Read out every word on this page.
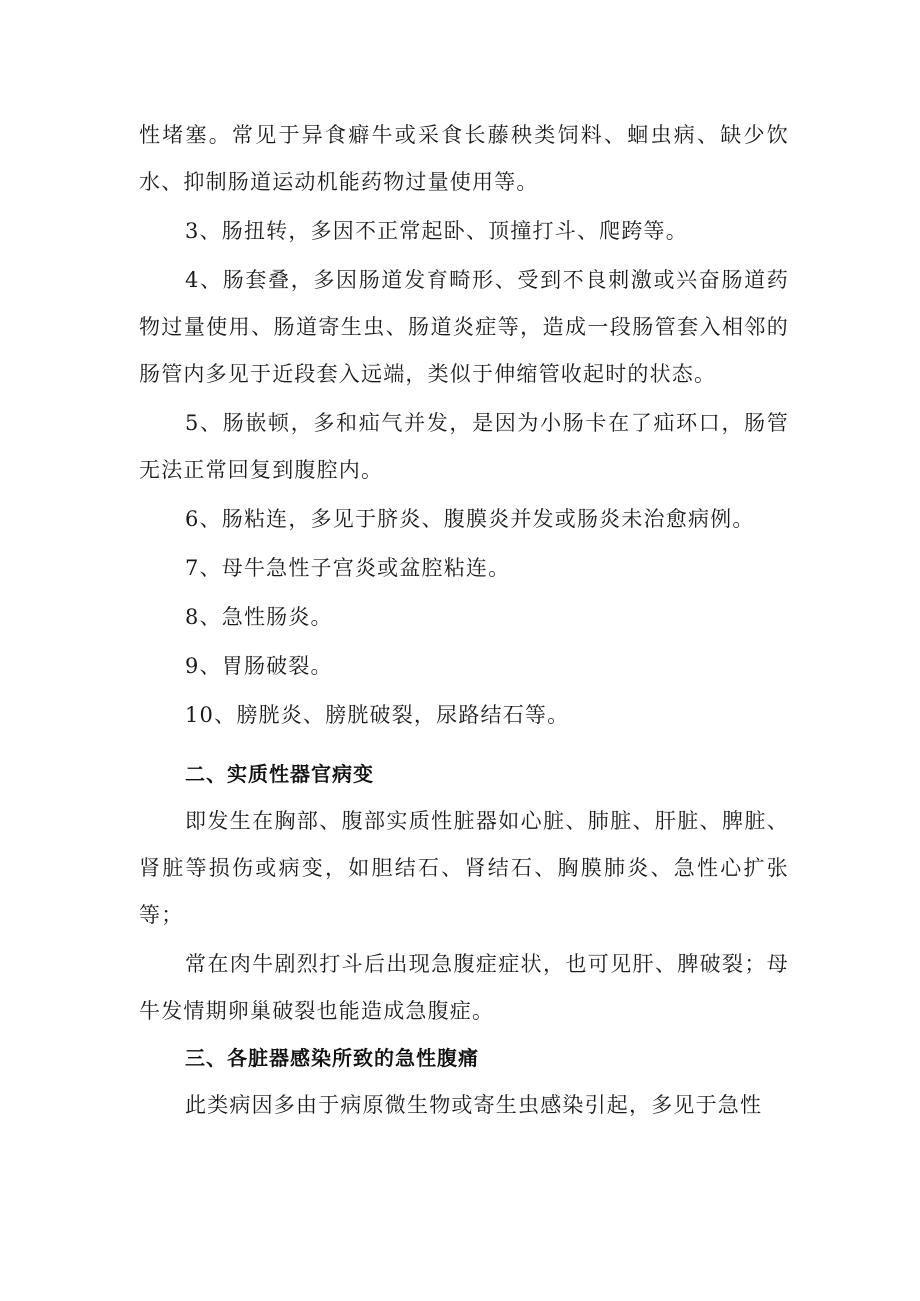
性堵塞。常见于异食癖牛或采食长藤秧类饲料、蛔虫病、缺少饮水、抑制肠道运动机能药物过量使用等。

3、肠扭转，多因不正常起卧、顶撞打斗、爬跨等。

4、肠套叠，多因肠道发育畸形、受到不良刺激或兴奋肠道药物过量使用、肠道寄生虫、肠道炎症等，造成一段肠管套入相邻的肠管内多见于近段套入远端，类似于伸缩管收起时的状态。

5、肠嵌顿，多和疝气并发，是因为小肠卡在了疝环口，肠管无法正常回复到腹腔内。

6、肠粘连，多见于脐炎、腹膜炎并发或肠炎未治愈病例。

7、母牛急性子宫炎或盆腔粘连。

8、急性肠炎。

9、胃肠破裂。

10、膀胱炎、膀胱破裂，尿路结石等。

二、实质性器官病变

即发生在胸部、腹部实质性脏器如心脏、肺脏、肝脏、脾脏、肾脏等损伤或病变，如胆结石、肾结石、胸膜肺炎、急性心扩张等；

常在肉牛剧烈打斗后出现急腹症症状，也可见肝、脾破裂；母牛发情期卵巢破裂也能造成急腹症。

三、各脏器感染所致的急性腹痛

此类病因多由于病原微生物或寄生虫感染引起，多见于急性
